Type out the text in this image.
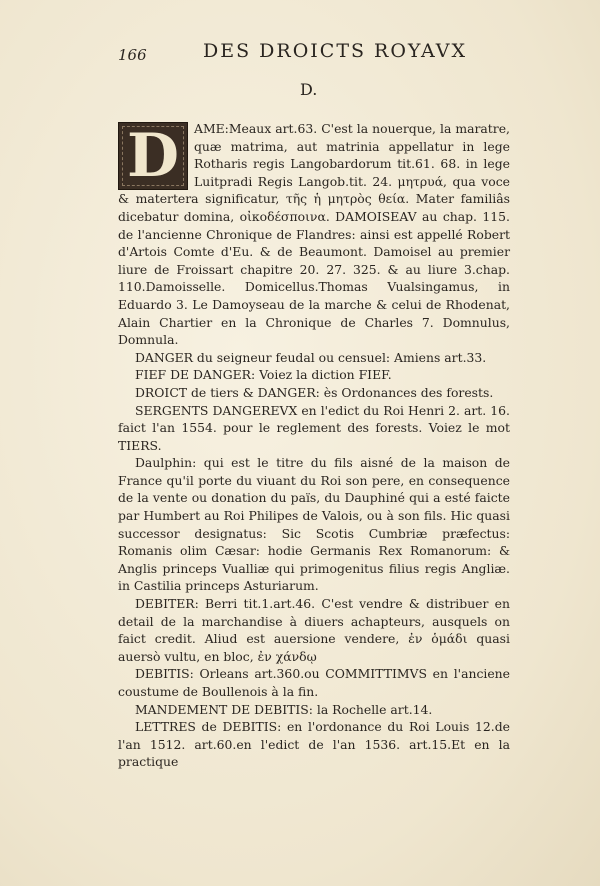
166	DES DROICTS ROYAVX
D.

D	AME:Meaux art.63. C'est la nouerque, la maratre, quæ matrima, aut matrinia appellatur in lege Rotharis regis Langobardorum tit.61. 68. in lege Luitpradi Regis Langob.tit. 24. μητρυά, qua voce & matertera significatur, τῆς ἡ μητρὸς θεία. Mater familiâs dicebatur domina, οἰκοδέσποινα. DAMOISEAV au chap. 115. de l'ancienne Chronique de Flandres: ainsi est appellé Robert d'Artois Comte d'Eu. & de Beaumont. Damoisel au premier liure de Froissart chapitre 20. 27. 325. & au liure 3.chap. 110.Damoisselle. Domicellus.Thomas Vualsingamus, in Eduardo 3. Le Damoyseau de la marche & celui de Rhodenat, Alain Chartier en la Chronique de Charles 7. Domnulus, Domnula.

DANGER du seigneur feudal ou censuel: Amiens art.33.

FIEF DE DANGER: Voiez la diction FIEF.

DROICT de tiers & DANGER: ès Ordonances des forests.

SERGENTS DANGEREVX en l'edict du Roi Henri 2. art. 16. faict l'an 1554. pour le reglement des forests. Voiez le mot TIERS.

Daulphin: qui est le titre du fils aisné de la maison de France qu'il porte du viuant du Roi son pere, en consequence de la vente ou donation du païs, du Dauphiné qui a esté faicte par Humbert au Roi Philipes de Valois, ou à son fils. Hic quasi successor designatus: Sic Scotis Cumbriæ præfectus: Romanis olim Cæsar: hodie Germanis Rex Romanorum: & Anglis princeps Vualliæ qui primogenitus filius regis Angliæ. in Castilia princeps Asturiarum.

DEBITER: Berri tit.1.art.46. C'est vendre & distribuer en detail de la marchandise à diuers achapteurs, ausquels on faict credit. Aliud est auersione vendere, ἐν ὁμάδι quasi auersò vultu, en bloc, ἐν χάνδῳ

DEBITIS: Orleans art.360.ou COMMITTIMVS en l'anciene coustume de Boullenois à la fin.

MANDEMENT DE DEBITIS: la Rochelle art.14.

LETTRES de DEBITIS: en l'ordonance du Roi Louis 12.de l'an 1512. art.60.en l'edict de l'an 1536. art.15.Et en la practique
